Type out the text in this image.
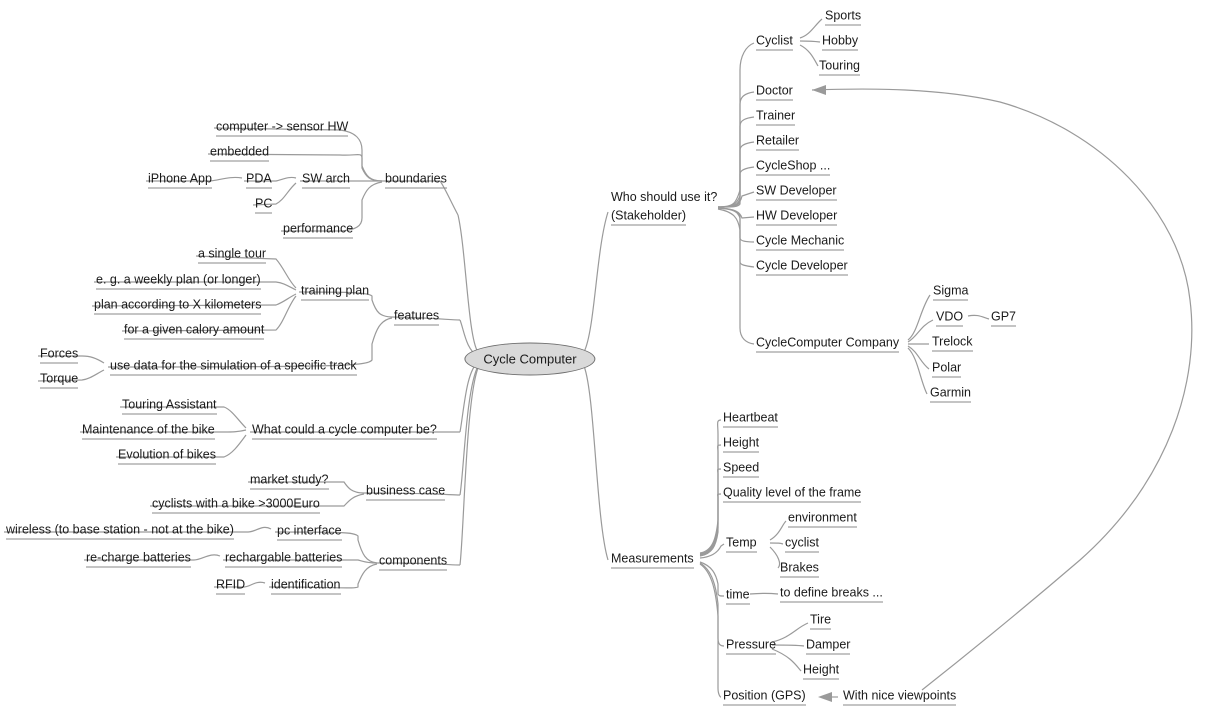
Cycle Computer
Who should use it?
(Stakeholder)
Cyclist
Sports
Hobby
Touring
Doctor
Trainer
Retailer
CycleShop ...
SW Developer
HW Developer
Cycle Mechanic
Cycle Developer
CycleComputer Company
Sigma
VDO GP7
Trelock
Polar
Garmin
Measurements
Heartbeat
Height
Speed
Quality level of the frame
Temp
environment
cyclist
Brakes
time to define breaks ...
Pressure
Tire
Damper
Height
Position (GPS)	With nice viewpoints
boundaries
SW arch
computer -> sensor HW
embedded
PDA
iPhone App
PC
performance
features
training plan
a single tour
e. g. a weekly plan (or longer)
plan according to X kilometers
for a given calory amount
use data for the simulation of a specific track
Forces
Torque
What could a cycle computer be?
Touring Assistant
Maintenance of the bike
Evolution of bikes
business case
market study?
cyclists with a bike >3000Euro
components
pc interface
wireless (to base station - not at the bike)
rechargable batteries
re-charge batteries
identification
RFID
